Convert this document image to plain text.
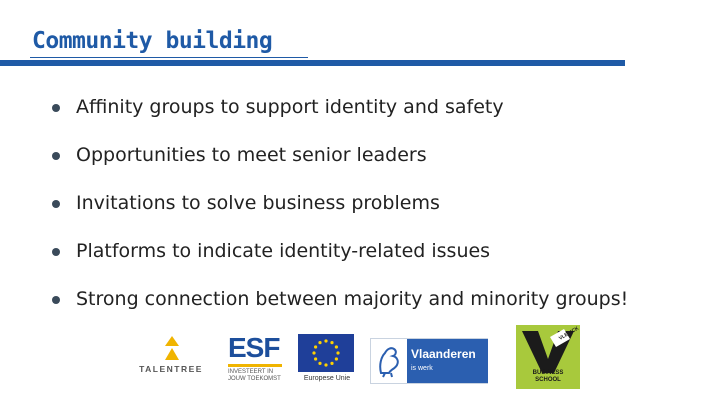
Community building
Affinity groups to support identity and safety
Opportunities to meet senior leaders
Invitations to solve business problems
Platforms to indicate identity-related issues
Strong connection between majority and minority groups!
TALENTREE
ESF
INVESTEERT IN
JOUW TOEKOMST	Europese Unie
Vlaanderen
is werk
VLERICK
BUSINESS
SCHOOL
